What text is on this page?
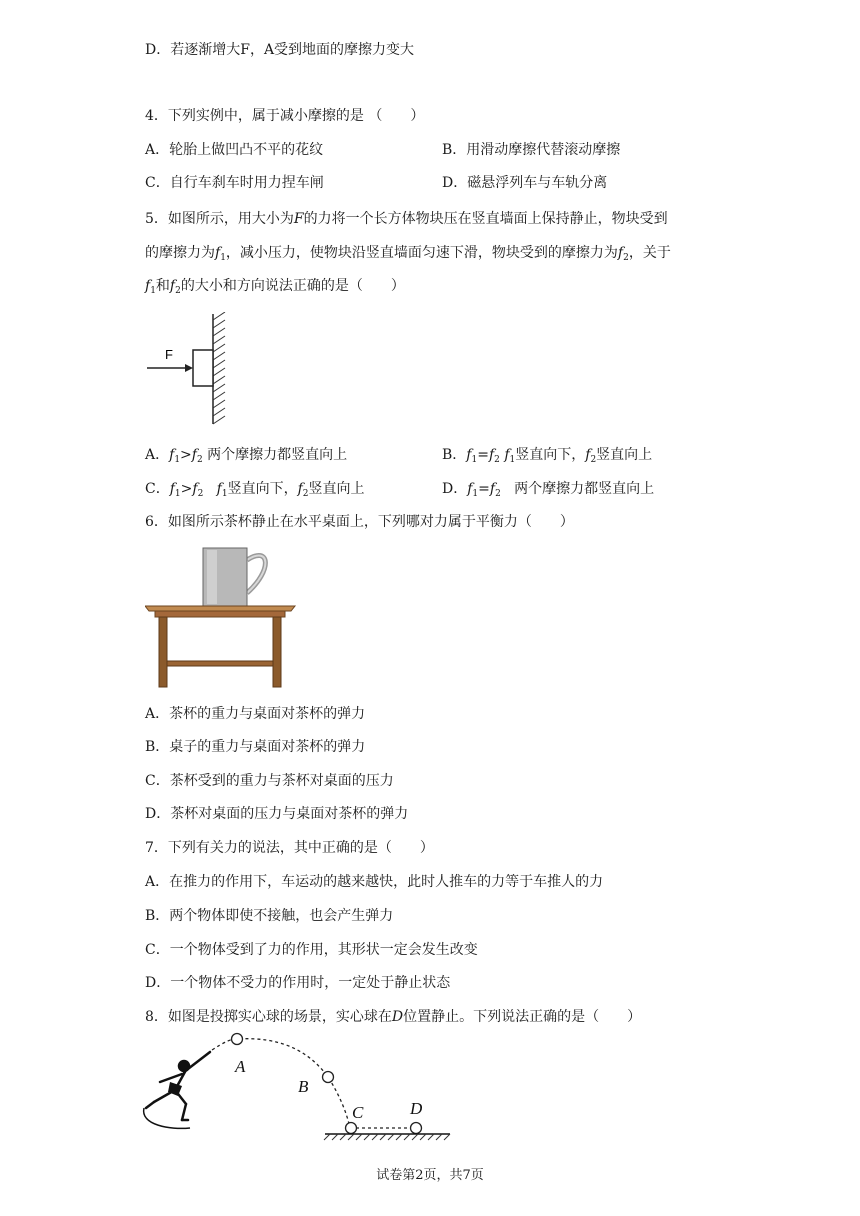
D．若逐渐增大F，A受到地面的摩擦力变大
4．下列实例中，属于减小摩擦的是 （　　）
A．轮胎上做凹凸不平的花纹	B．用滑动摩擦代替滚动摩擦
C．自行车刹车时用力捏车闸	D．磁悬浮列车与车轨分离
5．如图所示，用大小为F的力将一个长方体物块压在竖直墙面上保持静止，物块受到
的摩擦力为$f_1$，减小压力，使物块沿竖直墙面匀速下滑，物块受到的摩擦力为$f_2$，关于
$f_1$和$f_2$的大小和方向说法正确的是（　　）
F
A．$f_1>f_2$ 两个摩擦力都竖直向上	B．$f_1=f_2$ $f_1$竖直向下，$f_2$竖直向上
C．$f_1>f_2$ $f_1$竖直向下，$f_2$竖直向上	D．$f_1=f_2$ 两个摩擦力都竖直向上
6．如图所示茶杯静止在水平桌面上，下列哪对力属于平衡力（　　）
A．茶杯的重力与桌面对茶杯的弹力
B．桌子的重力与桌面对茶杯的弹力
C．茶杯受到的重力与茶杯对桌面的压力
D．茶杯对桌面的压力与桌面对茶杯的弹力
7．下列有关力的说法，其中正确的是（　　）
A．在推力的作用下，车运动的越来越快，此时人推车的力等于车推人的力
B．两个物体即使不接触，也会产生弹力
C．一个物体受到了力的作用，其形状一定会发生改变
D．一个物体不受力的作用时，一定处于静止状态
8．如图是投掷实心球的场景，实心球在D位置静止。下列说法正确的是（　　）
A
B
C	D
试卷第2页，共7页
